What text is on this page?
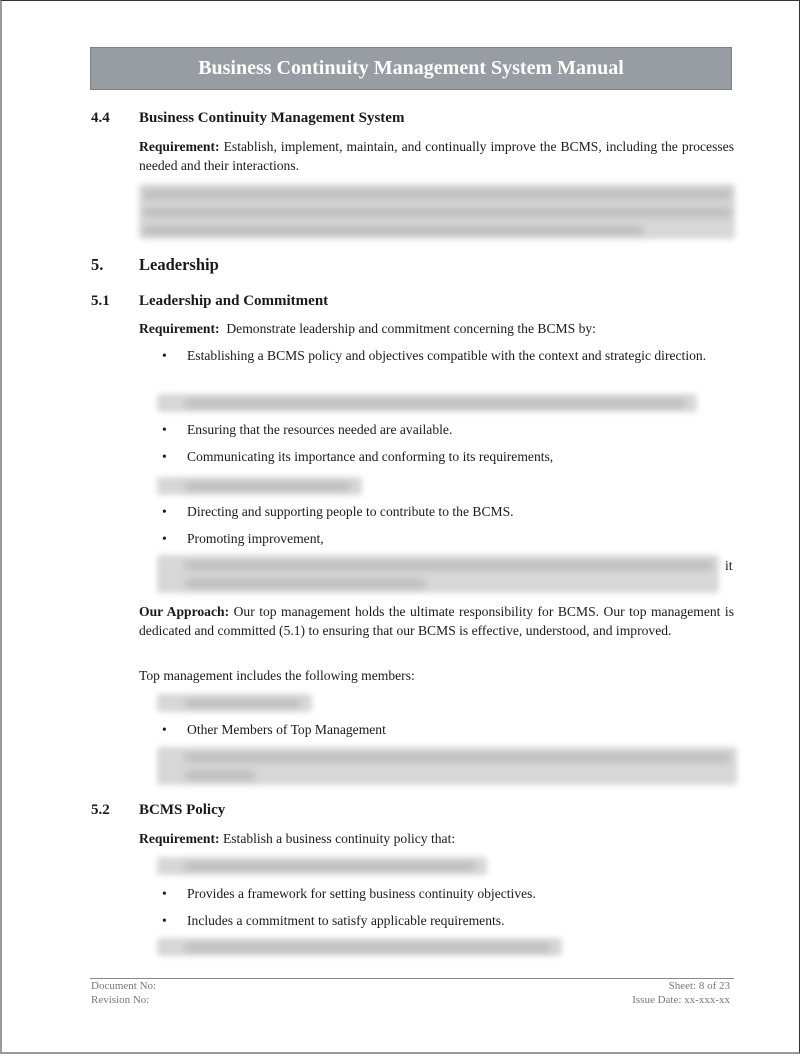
Business Continuity Management System Manual
4.4 Business Continuity Management System
Requirement: Establish, implement, maintain, and continually improve the BCMS, including the processes needed and their interactions.
5. Leadership
5.1 Leadership and Commitment
Requirement:  Demonstrate leadership and commitment concerning the BCMS by:
• Establishing a BCMS policy and objectives compatible with the context and strategic direction.
• Ensuring that the resources needed are available.
• Communicating its importance and conforming to its requirements,
• Directing and supporting people to contribute to the BCMS.
• Promoting improvement,
it
Our Approach: Our top management holds the ultimate responsibility for BCMS. Our top management is dedicated and committed (5.1) to ensuring that our BCMS is effective, understood, and improved.
Top management includes the following members:
• Other Members of Top Management
5.2 BCMS Policy
Requirement: Establish a business continuity policy that:
• Provides a framework for setting business continuity objectives.
• Includes a commitment to satisfy applicable requirements.
Document No:
Revision No:
Sheet: 8 of 23
Issue Date: xx-xxx-xx
